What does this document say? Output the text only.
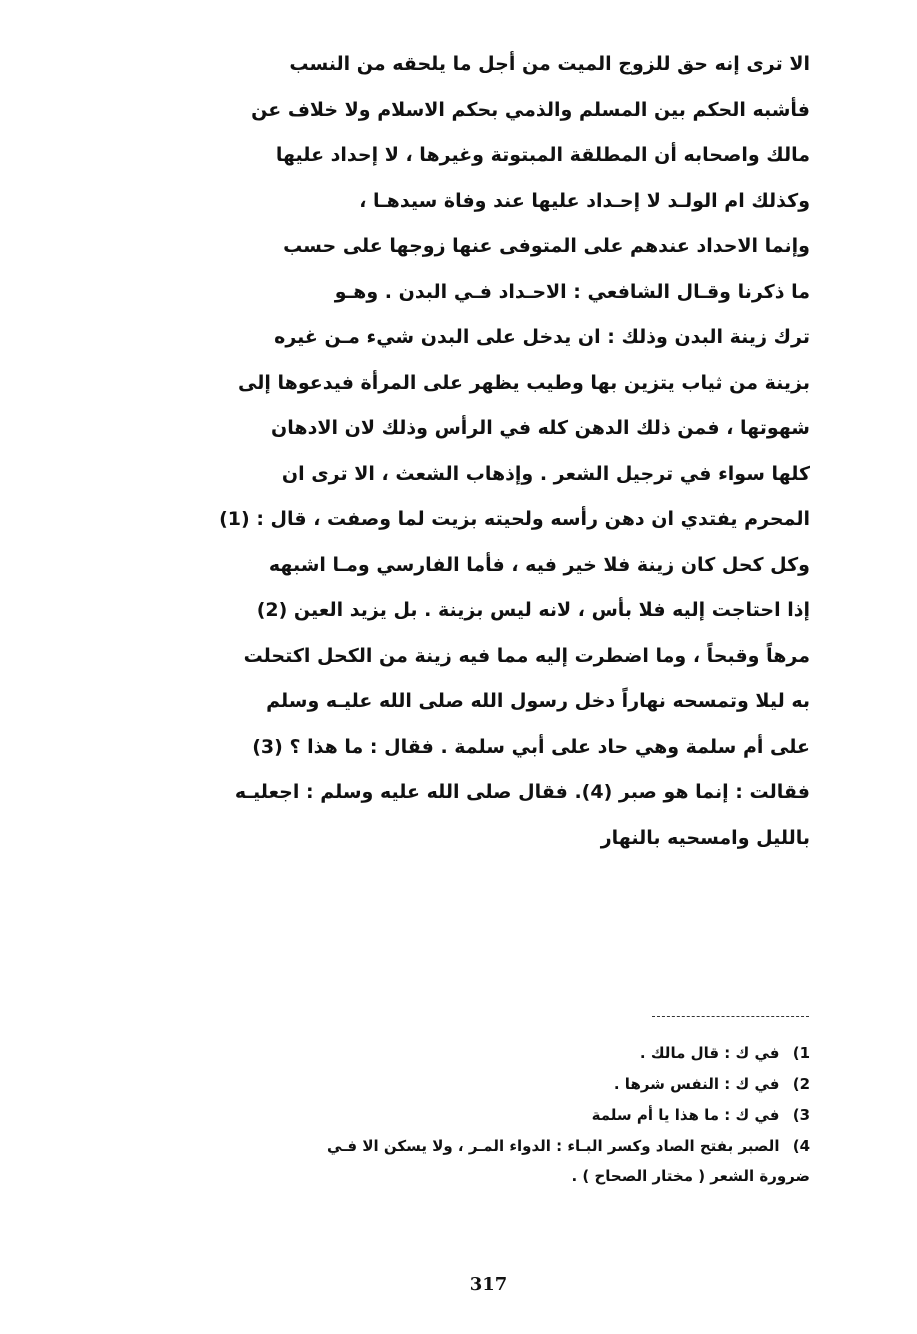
الا ترى إنه حق للزوج الميت من أجل ما يلحقه من النسب
فأشبه الحكم بين المسلم والذمي بحكم الاسلام ولا خلاف عن
مالك واصحابه أن المطلقة المبتوتة وغيرها ، لا إحداد عليها
وكذلك ام الولـد لا إحـداد عليها عند وفاة سيدهـا ،
وإنما الاحداد عندهم على المتوفى عنها زوجها على حسب
ما ذكرنا وقـال الشافعي : الاحـداد فـي البدن . وهـو
ترك زينة البدن وذلك : ان يدخل على البدن شيء مـن غيره
بزينة من ثياب يتزين بها وطيب يظهر على المرأة فيدعوها إلى
شهوتها ، فمن ذلك الدهن كله في الرأس وذلك لان الادهان
كلها سواء في ترجيل الشعر . وإذهاب الشعث ، الا ترى ان
المحرم يفتدي ان دهن رأسه ولحيته بزيت لما وصفت ، قال : (1)
وكل كحل كان زينة فلا خير فيه ، فأما الفارسي ومـا اشبهه
إذا احتاجت إليه فلا بأس ، لانه ليس بزينة . بل يزيد العين (2)
مرهاً وقبحاً ، وما اضطرت إليه مما فيه زينة من الكحل اكتحلت
به ليلا وتمسحه نهاراً دخل رسول الله صلى الله عليـه وسلم
على أم سلمة وهي حاد على أبي سلمة . فقال : ما هذا ؟ (3)
فقالت : إنما هو صبر (4). فقال صلى الله عليه وسلم : اجعليـه
بالليل وامسحيه بالنهار
1) في ك : قال مالك .
2) في ك : النفس شرها .
3) في ك : ما هذا يا أم سلمة
4) الصبر بفتح الصاد وكسر البـاء : الدواء المـر ، ولا يسكن الا فـي
ضرورة الشعر ( مختار الصحاح ) .
317
